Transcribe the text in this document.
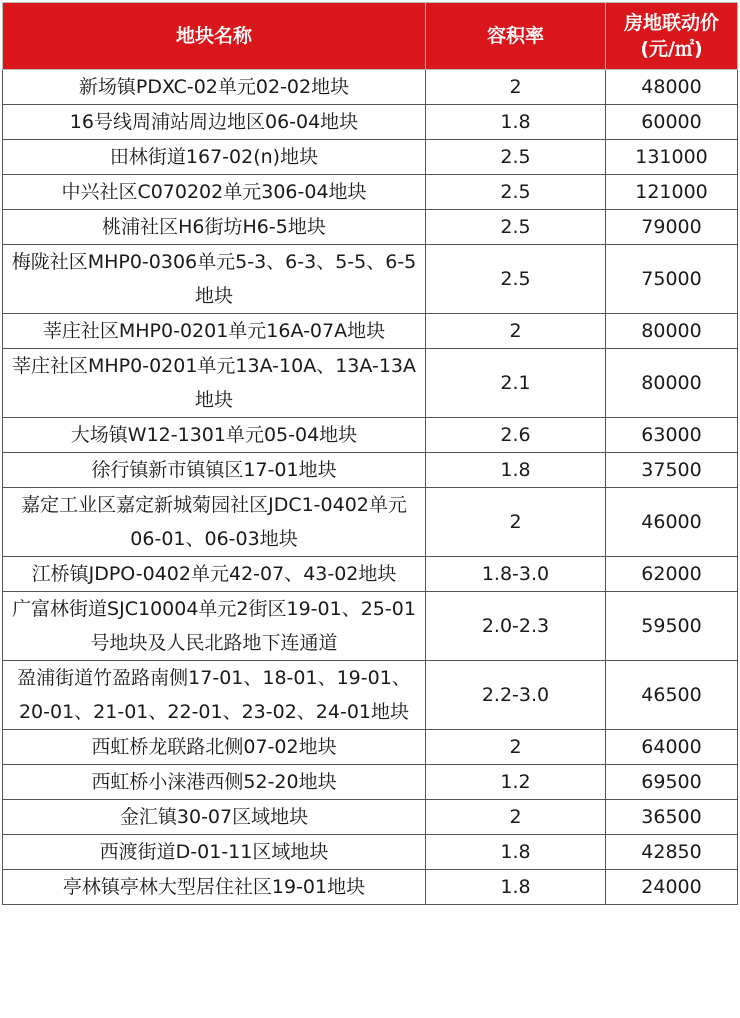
地块名称	容积率	房地联动价
(元/㎡)

新场镇PDXC-02单元02-02地块	2	48000
16号线周浦站周边地区06-04地块	1.8	60000
田林街道167-02(n)地块	2.5	131000
中兴社区C070202单元306-04地块	2.5	121000
桃浦社区H6街坊H6-5地块	2.5	79000
梅陇社区MHP0-0306单元5-3、6-3、5-5、6-5地块	2.5	75000
莘庄社区MHP0-0201单元16A-07A地块	2	80000
莘庄社区MHP0-0201单元13A-10A、13A-13A地块	2.1	80000
大场镇W12-1301单元05-04地块	2.6	63000
徐行镇新市镇镇区17-01地块	1.8	37500
嘉定工业区嘉定新城菊园社区JDC1-0402单元06-01、06-03地块	2	46000
江桥镇JDPO-0402单元42-07、43-02地块	1.8-3.0	62000
广富林街道SJC10004单元2街区19-01、25-01号地块及人民北路地下连通道	2.0-2.3	59500
盈浦街道竹盈路南侧17-01、18-01、19-01、20-01、21-01、22-01、23-02、24-01地块	2.2-3.0	46500
西虹桥龙联路北侧07-02地块	2	64000
西虹桥小涞港西侧52-20地块	1.2	69500
金汇镇30-07区域地块	2	36500
西渡街道D-01-11区域地块	1.8	42850
亭林镇亭林大型居住社区19-01地块	1.8	24000
